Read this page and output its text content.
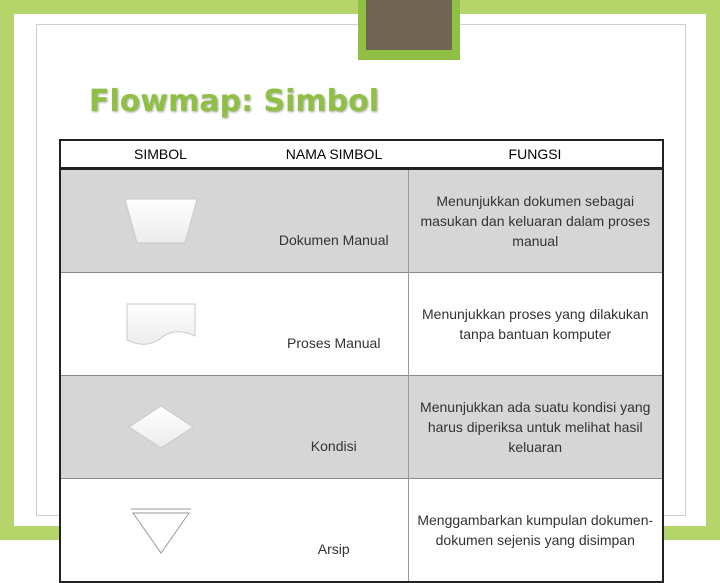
Flowmap: Simbol
SIMBOL	NAMA SIMBOL	FUNGSI

	Dokumen Manual	Menunjukkan dokumen sebagai masukan dan keluaran dalam proses manual

	Proses Manual	Menunjukkan proses yang dilakukan tanpa bantuan komputer

	Kondisi	Menunjukkan ada suatu kondisi yang harus diperiksa untuk melihat hasil keluaran

	Arsip	Menggambarkan kumpulan dokumen-dokumen sejenis yang disimpan
